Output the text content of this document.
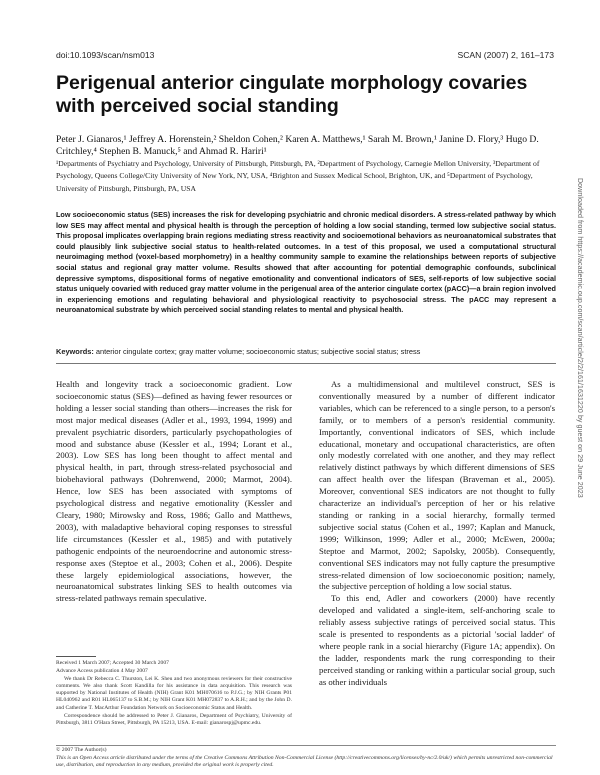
doi:10.1093/scan/nsm013	SCAN (2007) 2, 161–173
Perigenual anterior cingulate morphology covaries with perceived social standing
Peter J. Gianaros,¹ Jeffrey A. Horenstein,² Sheldon Cohen,² Karen A. Matthews,¹ Sarah M. Brown,¹ Janine D. Flory,³ Hugo D. Critchley,⁴ Stephen B. Manuck,⁵ and Ahmad R. Hariri¹
¹Departments of Psychiatry and Psychology, University of Pittsburgh, Pittsburgh, PA, ²Department of Psychology, Carnegie Mellon University, ³Department of Psychology, Queens College/City University of New York, NY, USA, ⁴Brighton and Sussex Medical School, Brighton, UK, and ⁵Department of Psychology, University of Pittsburgh, Pittsburgh, PA, USA
Low socioeconomic status (SES) increases the risk for developing psychiatric and chronic medical disorders. A stress-related pathway by which low SES may affect mental and physical health is through the perception of holding a low social standing, termed low subjective social status. This proposal implicates overlapping brain regions mediating stress reactivity and socioemotional behaviors as neuroanatomical substrates that could plausibly link subjective social status to health-related outcomes. In a test of this proposal, we used a computational structural neuroimaging method (voxel-based morphometry) in a healthy community sample to examine the relationships between reports of subjective social status and regional gray matter volume. Results showed that after accounting for potential demographic confounds, subclinical depressive symptoms, dispositional forms of negative emotionality and conventional indicators of SES, self-reports of low subjective social status uniquely covaried with reduced gray matter volume in the perigenual area of the anterior cingulate cortex (pACC)—a brain region involved in experiencing emotions and regulating behavioral and physiological reactivity to psychosocial stress. The pACC may represent a neuroanatomical substrate by which perceived social standing relates to mental and physical health.
Keywords: anterior cingulate cortex; gray matter volume; socioeconomic status; subjective social status; stress

Health and longevity track a socioeconomic gradient. Low socioeconomic status (SES)—defined as having fewer resources or holding a lesser social standing than others—increases the risk for most major medical diseases (Adler et al., 1993, 1994, 1999) and prevalent psychiatric disorders, particularly psychopathologies of mood and substance abuse (Kessler et al., 1994; Lorant et al., 2003). Low SES has long been thought to affect mental and physical health, in part, through stress-related psychosocial and biobehavioral pathways (Dohrenwend, 2000; Marmot, 2004). Hence, low SES has been associated with symptoms of psychological distress and negative emotionality (Kessler and Cleary, 1980; Mirowsky and Ross, 1986; Gallo and Matthews, 2003), with maladaptive behavioral coping responses to stressful life circumstances (Kessler et al., 1985) and with putatively pathogenic endpoints of the neuroendocrine and autonomic stress-response axes (Steptoe et al., 2003; Cohen et al., 2006). Despite these largely epidemiological associations, however, the neuroanatomical substrates linking SES to health outcomes via stress-related pathways remain speculative.

As a multidimensional and multilevel construct, SES is conventionally measured by a number of different indicator variables, which can be referenced to a single person, to a person's family, or to members of a person's residential community. Importantly, conventional indicators of SES, which include educational, monetary and occupational characteristics, are often only modestly correlated with one another, and they may reflect relatively distinct pathways by which different dimensions of SES can affect health over the lifespan (Braveman et al., 2005). Moreover, conventional SES indicators are not thought to fully characterize an individual's perception of her or his relative standing or ranking in a social hierarchy, formally termed subjective social status (Cohen et al., 1997; Kaplan and Manuck, 1999; Wilkinson, 1999; Adler et al., 2000; McEwen, 2000a; Steptoe and Marmot, 2002; Sapolsky, 2005b). Consequently, conventional SES indicators may not fully capture the presumptive stress-related dimension of low socioeconomic position; namely, the subjective perception of holding a low social status.

To this end, Adler and coworkers (2000) have recently developed and validated a single-item, self-anchoring scale to reliably assess subjective ratings of perceived social status. This scale is presented to respondents as a pictorial 'social ladder' of where people rank in a social hierarchy (Figure 1A; appendix). On the ladder, respondents mark the rung corresponding to their perceived standing or ranking within a particular social group, such as other individuals

Received 1 March 2007; Accepted 30 March 2007

Advance Access publication 4 May 2007

We thank Dr Rebecca C. Thurston, Lei K. Sheu and two anonymous reviewers for their constructive comments. We also thank Scott Kandilla for his assistance in data acquisition. This research was supported by National Institutes of Health (NIH) Grant K01 MH070616 to P.J.G.; by NIH Grants P01 HL040962 and R01 HL065137 to S.B.M.; by NIH Grant K01 MH072837 to A.R.H.; and by the John D. and Catherine T. MacArthur Foundation Network on Socioeconomic Status and Health.

Correspondence should be addressed to Peter J. Gianaros, Department of Psychiatry, University of Pittsburgh, 3811 O'Hara Street, Pittsburgh, PA 15213, USA. E-mail: gianarospj@upmc.edu.

© 2007 The Author(s)
This is an Open Access article distributed under the terms of the Creative Commons Attribution Non-Commercial License (http://creativecommons.org/licenses/by-nc/2.0/uk/) which permits unrestricted non-commercial use, distribution, and reproduction in any medium, provided the original work is properly cited.
Downloaded from https://academic.oup.com/scan/article/2/2/161/1631220 by guest on 29 June 2023
